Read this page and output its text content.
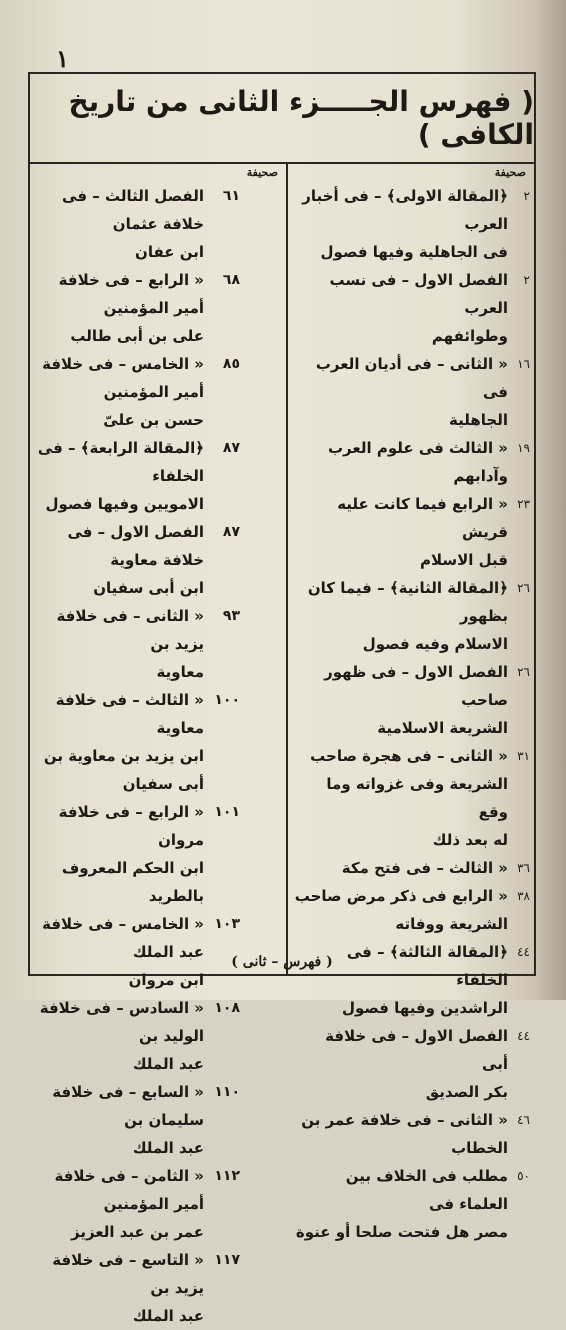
١
( فهرس الجـــــزء الثانى من تاريخ الكافى )
صحيفة
٢
﴿المقالة الاولى﴾ – فى أخبار العرب
فى الجاهلية وفيها فصول
٢
الفصل الاول – فى نسب العرب
وطوائفهم
١٦
« الثانى – فى أديان العرب فى
الجاهلية
١٩
« الثالث فى علوم العرب وآدابهم
٢٣
« الرابع فيما كانت عليه قريش
قبل الاسلام
٢٦
﴿المقالة الثانية﴾ – فيما كان بظهور
الاسلام وفيه فصول
٢٦
الفصل الاول – فى ظهور صاحب
الشريعة الاسلامية
٣١
« الثانى – فى هجرة صاحب
الشريعة وفى غزواته وما وقع
له بعد ذلك
٣٦
« الثالث – فى فتح مكة
٣٨
« الرابع فى ذكر مرض صاحب
الشريعة ووفاته
٤٤
﴿المقالة الثالثة﴾ – فى الخلفاء
الراشدين وفيها فصول
٤٤
الفصل الاول – فى خلافة أبى
بكر الصديق
٤٦
« الثانى – فى خلافة عمر بن
الخطاب
٥٠
مطلب فى الخلاف بين العلماء فى
مصر هل فتحت صلحا أو عنوة
صحيفة
٦١
الفصل الثالث – فى خلافة عثمان
ابن عفان
٦٨
« الرابع – فى خلافة أمير المؤمنين
على بن أبى طالب
٨٥
« الخامس – فى خلافة أمير المؤمنين
حسن بن علىّ
٨٧
﴿المقالة الرابعة﴾ – فى الخلفاء
الامويين وفيها فصول
٨٧
الفصل الاول – فى خلافة معاوية
ابن أبى سفيان
٩٣
« الثانى – فى خلافة يزيد بن
معاوية
١٠٠
« الثالث – فى خلافة معاوية
ابن يزيد بن معاوية بن أبى سفيان
١٠١
« الرابع – فى خلافة مروان
ابن الحكم المعروف بالطريد
١٠٣
« الخامس – فى خلافة عبد الملك
ابن مروان
١٠٨
« السادس – فى خلافة الوليد بن
عبد الملك
١١٠
« السابع – فى خلافة سليمان بن
عبد الملك
١١٢
« الثامن – فى خلافة أمير المؤمنين
عمر بن عبد العزيز
١١٧
« التاسع – فى خلافة يزيد بن
عبد الملك
( فهرس – ثانى )
